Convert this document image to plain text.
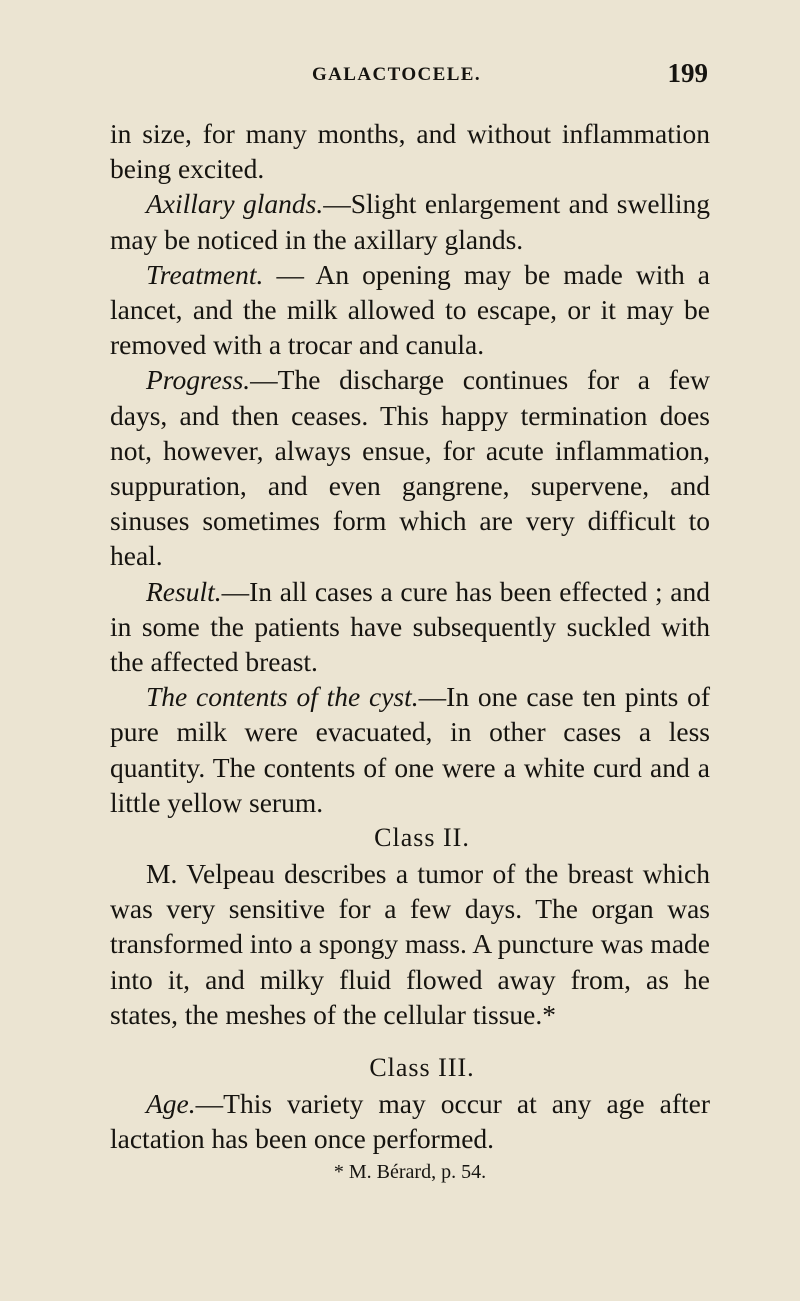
GALACTOCELE.	199

in size, for many months, and without inflammation being excited.

Axillary glands.—Slight enlargement and swelling may be noticed in the axillary glands.

Treatment. — An opening may be made with a lancet, and the milk allowed to escape, or it may be removed with a trocar and canula.

Progress.—The discharge continues for a few days, and then ceases. This happy termination does not, however, always ensue, for acute inflammation, suppuration, and even gangrene, supervene, and sinuses sometimes form which are very difficult to heal.

Result.—In all cases a cure has been effected ; and in some the patients have subsequently suckled with the affected breast.

The contents of the cyst.—In one case ten pints of pure milk were evacuated, in other cases a less quantity. The contents of one were a white curd and a little yellow serum.

Class II.

M. Velpeau describes a tumor of the breast which was very sensitive for a few days. The organ was transformed into a spongy mass. A puncture was made into it, and milky fluid flowed away from, as he states, the meshes of the cellular tissue.*

Class III.

Age.—This variety may occur at any age after lactation has been once performed.

* M. Bérard, p. 54.
